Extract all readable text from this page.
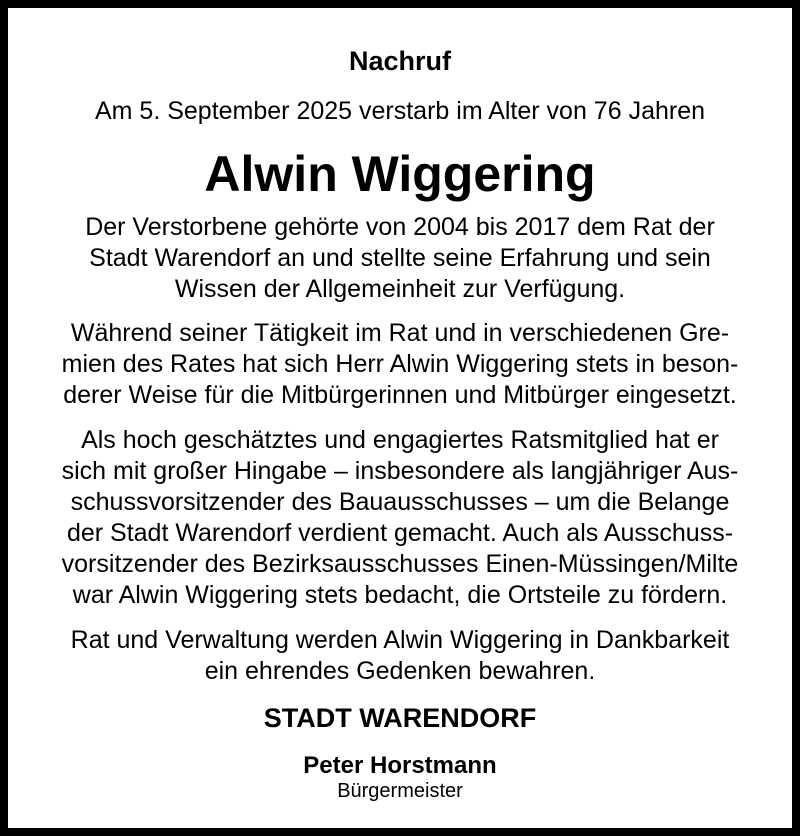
Nachruf
Am 5. September 2025 verstarb im Alter von 76 Jahren
Alwin Wiggering
Der Verstorbene gehörte von 2004 bis 2017 dem Rat der
Stadt Warendorf an und stellte seine Erfahrung und sein
Wissen der Allgemeinheit zur Verfügung.
Während seiner Tätigkeit im Rat und in verschiedenen Gre-
mien des Rates hat sich Herr Alwin Wiggering stets in beson-
derer Weise für die Mitbürgerinnen und Mitbürger eingesetzt.
Als hoch geschätztes und engagiertes Ratsmitglied hat er
sich mit großer Hingabe – insbesondere als langjähriger Aus-
schussvorsitzender des Bauausschusses – um die Belange
der Stadt Warendorf verdient gemacht. Auch als Ausschuss-
vorsitzender des Bezirksausschusses Einen-Müssingen/Milte
war Alwin Wiggering stets bedacht, die Ortsteile zu fördern.
Rat und Verwaltung werden Alwin Wiggering in Dankbarkeit
ein ehrendes Gedenken bewahren.
STADT WARENDORF
Peter Horstmann
Bürgermeister
